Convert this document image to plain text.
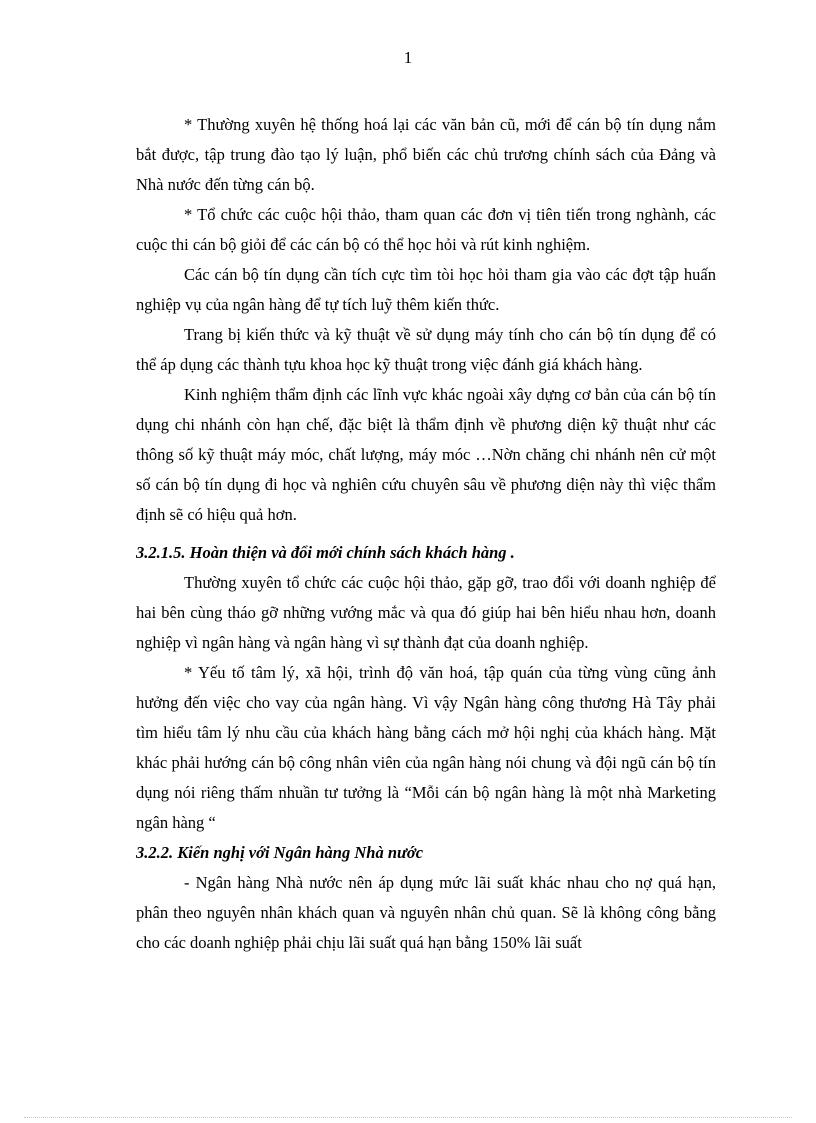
1

* Thường xuyên hệ thống hoá lại các văn bản cũ, mới để cán bộ tín dụng nắm bắt được, tập trung đào tạo lý luận, phổ biến các chủ trương chính sách của Đảng và Nhà nước đến từng cán bộ.

* Tổ chức các cuộc hội thảo, tham quan các đơn vị tiên tiến trong nghành, các cuộc thi cán bộ giỏi để các cán bộ có thể học hỏi và rút kinh nghiệm.

Các cán bộ tín dụng cần tích cực tìm tòi học hỏi tham gia vào các đợt tập huấn nghiệp vụ của ngân hàng để tự tích luỹ thêm kiến thức.

Trang bị kiến thức và kỹ thuật về sử dụng máy tính cho cán bộ tín dụng để có thể áp dụng các thành tựu khoa học kỹ thuật trong việc đánh giá khách hàng.

Kinh nghiệm thẩm định các lĩnh vực khác ngoài xây dựng cơ bản của cán bộ tín dụng chi nhánh còn hạn chế, đặc biệt là thẩm định về phương diện kỹ thuật như các thông số kỹ thuật máy móc, chất lượng, máy móc …Nờn chăng chi nhánh nên cử một số cán bộ tín dụng đi học và nghiên cứu chuyên sâu về phương diện này thì việc thẩm định sẽ có hiệu quả hơn.

3.2.1.5. Hoàn thiện và đổi mới chính sách khách hàng .

Thường xuyên tổ chức các cuộc hội thảo, gặp gỡ, trao đổi với doanh nghiệp để hai bên cùng tháo gỡ những vướng mắc và qua đó giúp hai bên hiểu nhau hơn, doanh nghiệp vì ngân hàng và ngân hàng vì sự thành đạt của doanh nghiệp.

* Yếu tố tâm lý, xã hội, trình độ văn hoá, tập quán của từng vùng cũng ảnh hưởng đến việc cho vay của ngân hàng. Vì vậy Ngân hàng công thương Hà Tây phải tìm hiểu tâm lý nhu cầu của khách hàng bằng cách mở hội nghị của khách hàng. Mặt khác phải hướng cán bộ công nhân viên của ngân hàng nói chung và đội ngũ cán bộ tín dụng nói riêng thấm nhuần tư tưởng là “Mỗi cán bộ ngân hàng là một nhà Marketing ngân hàng “

3.2.2. Kiến nghị với Ngân hàng Nhà nước

- Ngân hàng Nhà nước nên áp dụng mức lãi suất khác nhau cho nợ quá hạn, phân theo nguyên nhân khách quan và nguyên nhân chủ quan. Sẽ là không công bằng cho các doanh nghiệp phải chịu lãi suất quá hạn bằng 150% lãi suất
